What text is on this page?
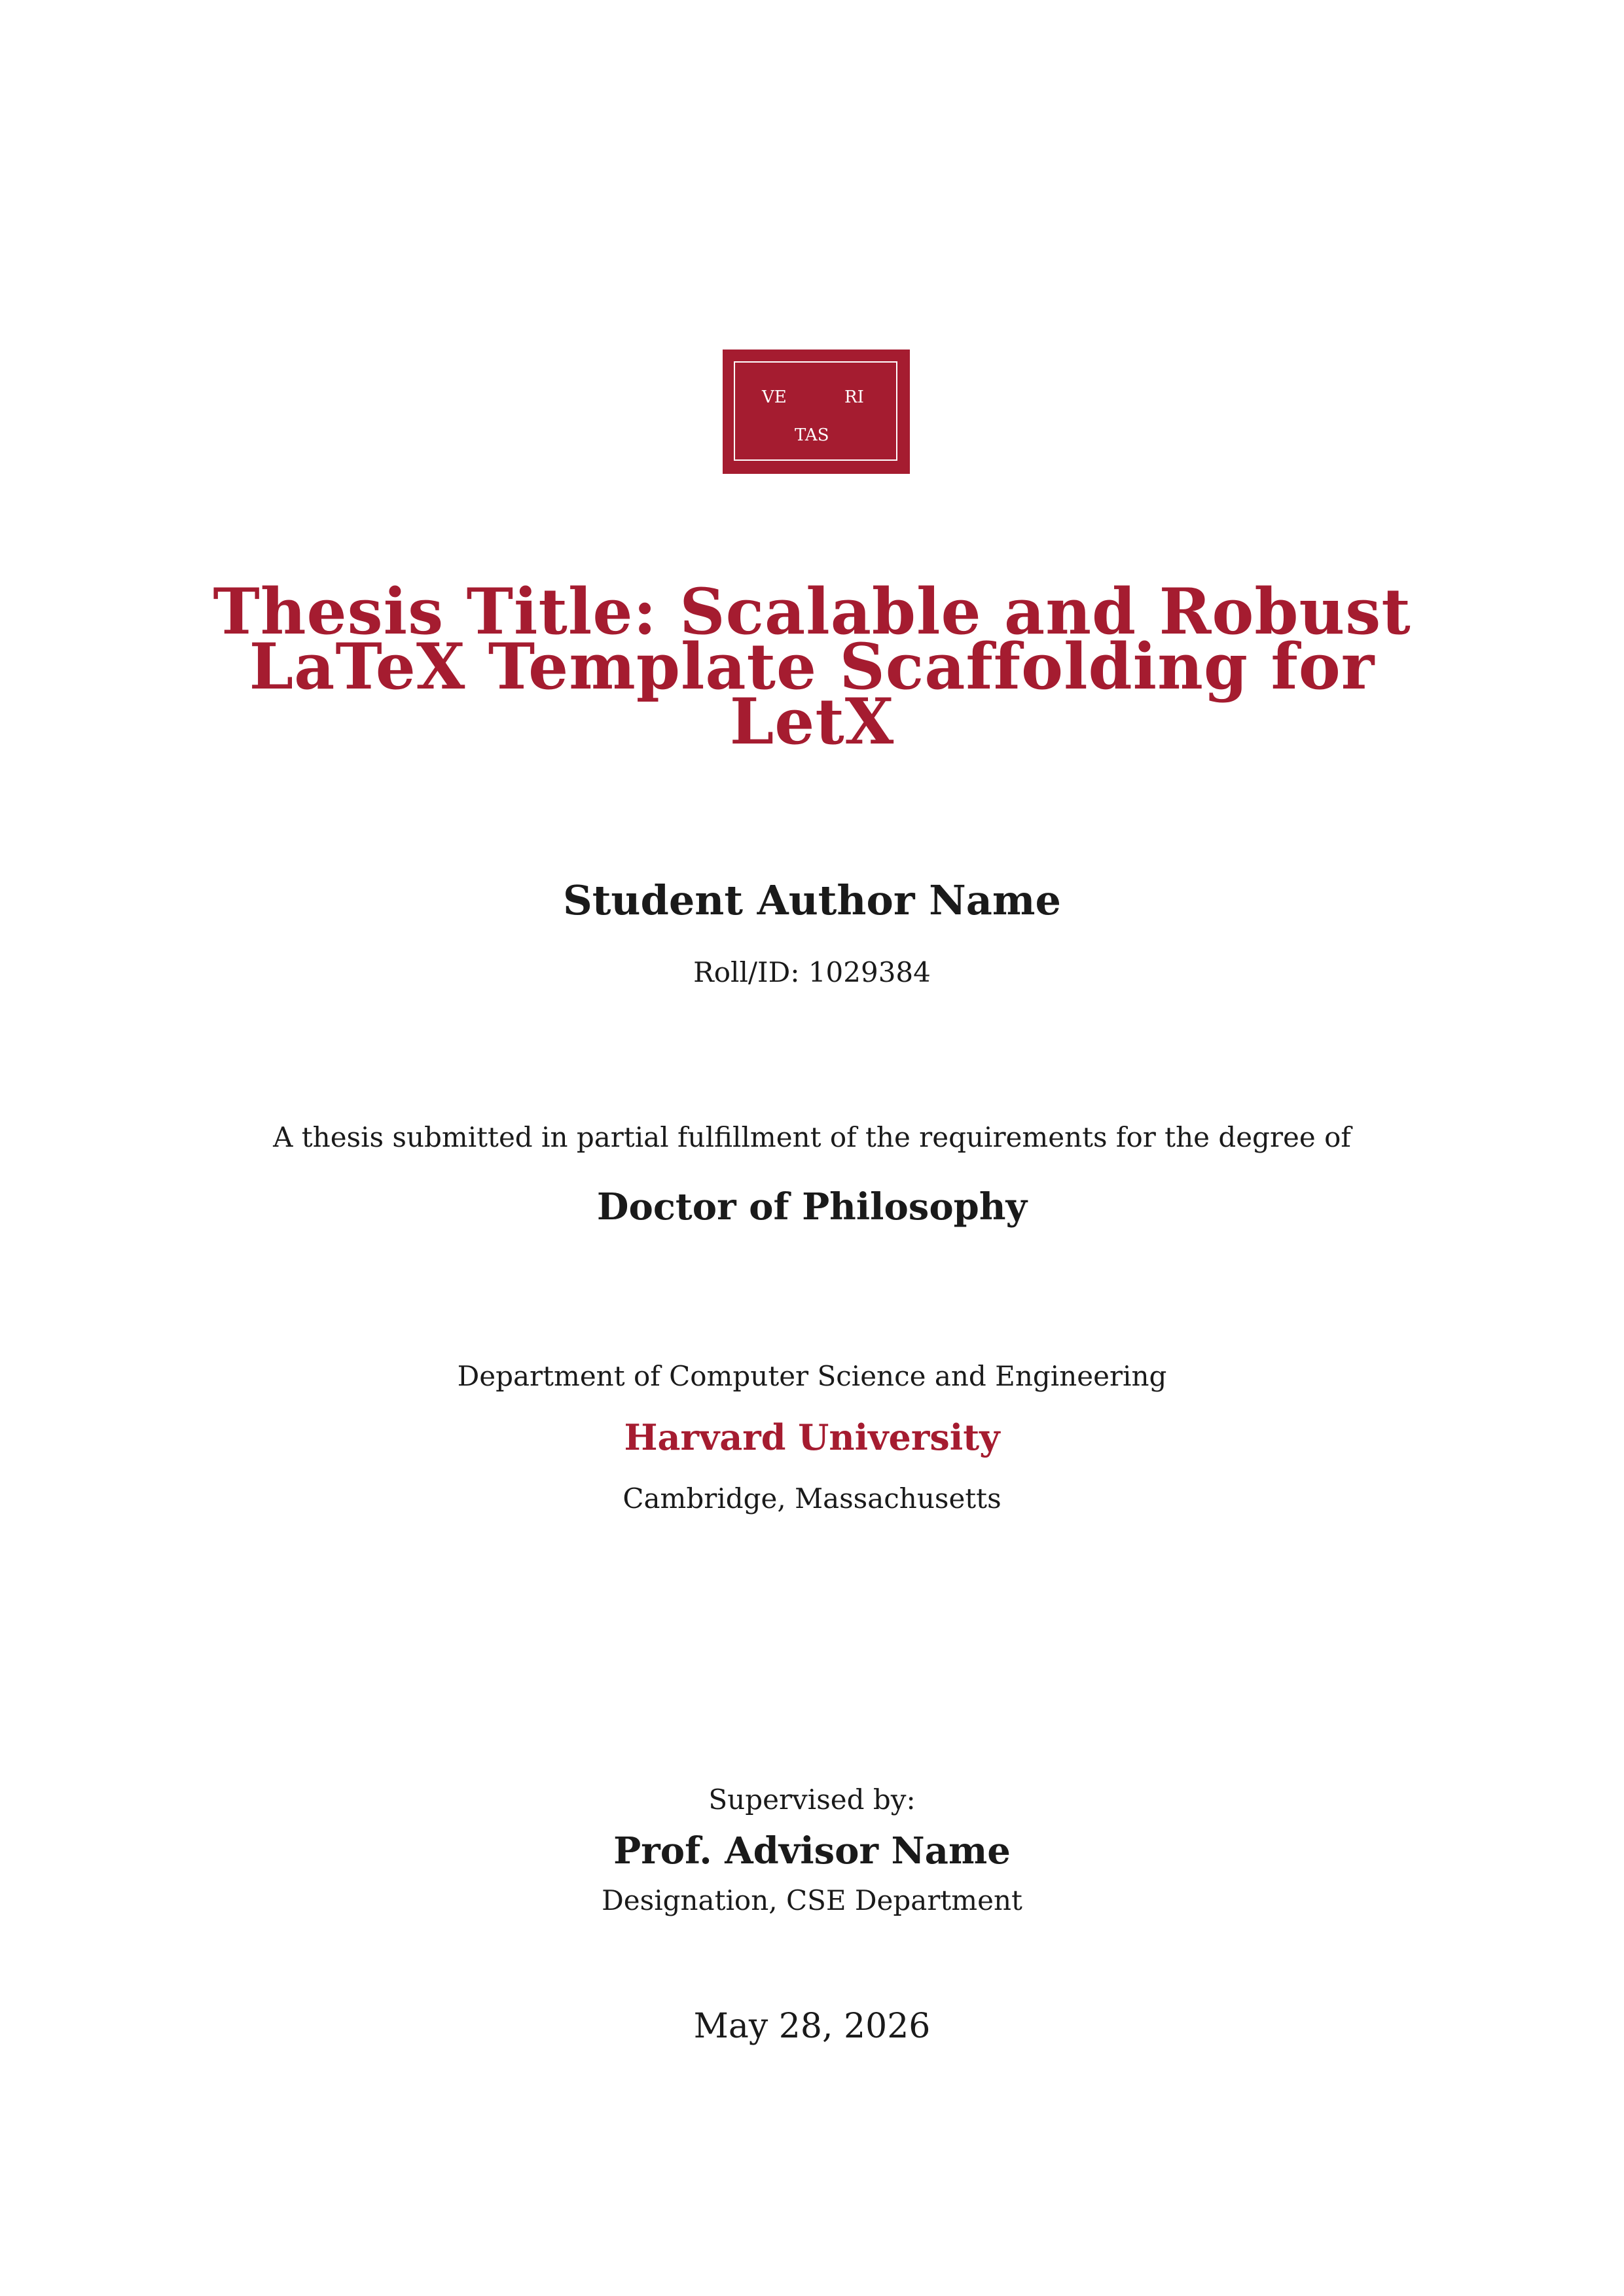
VE	RI
TAS
Thesis Title: Scalable and Robust
LaTeX Template Scaffolding for
LetX
Student Author Name
Roll/ID: 1029384
A thesis submitted in partial fulfillment of the requirements for the degree of
Doctor of Philosophy
Department of Computer Science and Engineering
Harvard University
Cambridge, Massachusetts
Supervised by:
Prof. Advisor Name
Designation, CSE Department
May 28, 2026
